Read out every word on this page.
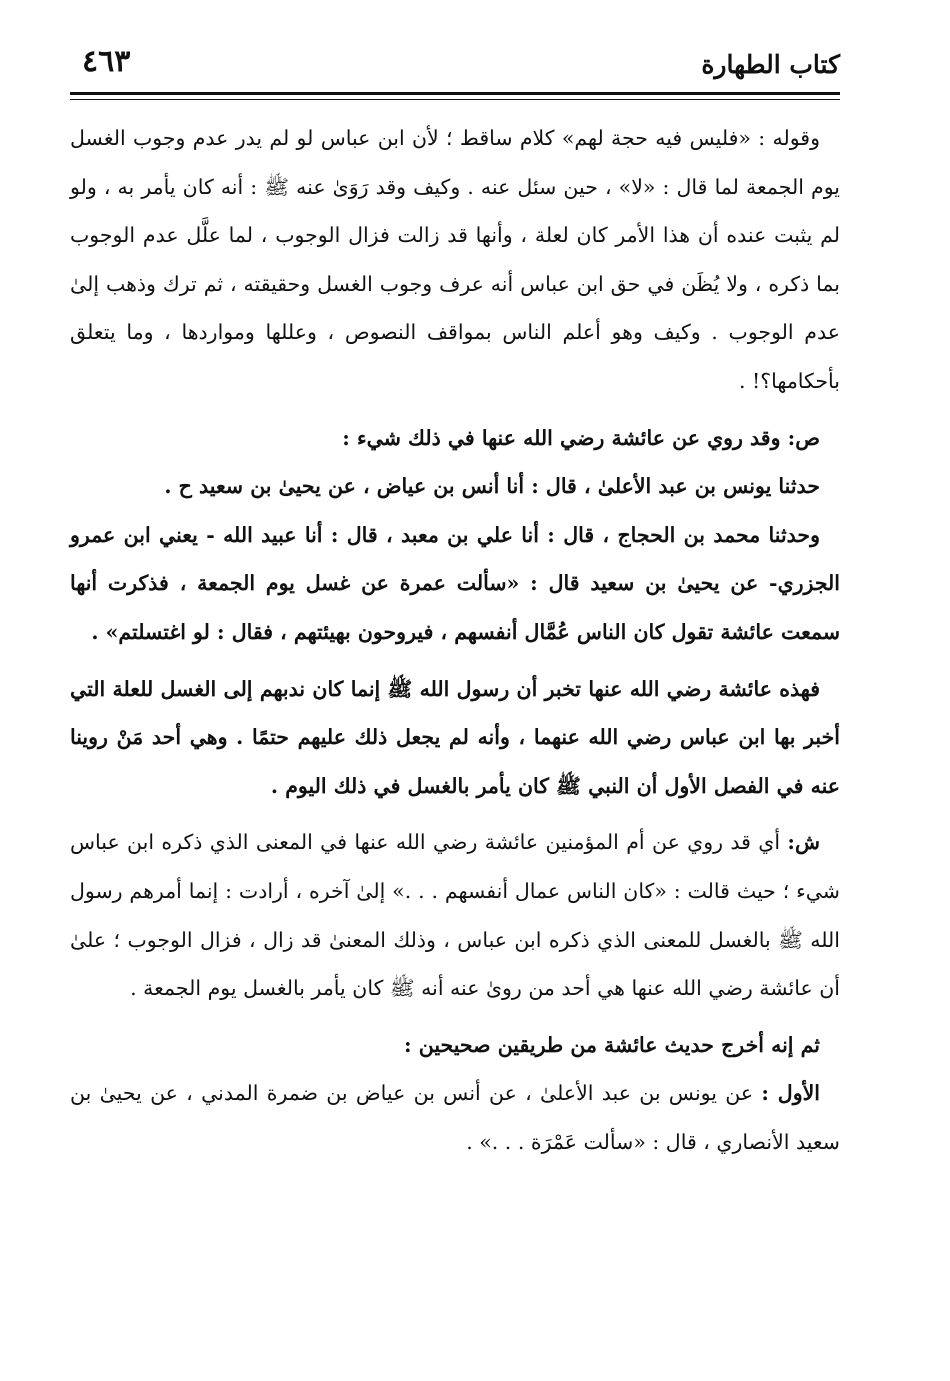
كتاب الطهارة
٤٦٣

وقوله : «فليس فيه حجة لهم» كلام ساقط ؛ لأن ابن عباس لو لم يدر عدم وجوب الغسل يوم الجمعة لما قال : «لا» ، حين سئل عنه . وكيف وقد رَوَىٰ عنه ﷺ : أنه كان يأمر به ، ولو لم يثبت عنده أن هذا الأمر كان لعلة ، وأنها قد زالت فزال الوجوب ، لما علَّل عدم الوجوب بما ذكره ، ولا يُظَن في حق ابن عباس أنه عرف وجوب الغسل وحقيقته ، ثم ترك وذهب إلىٰ عدم الوجوب . وكيف وهو أعلم الناس بمواقف النصوص ، وعللها ومواردها ، وما يتعلق بأحكامها؟! .

ص: وقد روي عن عائشة رضي الله عنها في ذلك شيء :

حدثنا يونس بن عبد الأعلىٰ ، قال : أنا أنس بن عياض ، عن يحيىٰ بن سعيد ح .

وحدثنا محمد بن الحجاج ، قال : أنا علي بن معبد ، قال : أنا عبيد الله - يعني ابن عمرو الجزري- عن يحيىٰ بن سعيد قال : «سألت عمرة عن غسل يوم الجمعة ، فذكرت أنها سمعت عائشة تقول كان الناس عُمَّال أنفسهم ، فيروحون بهيئتهم ، فقال : لو اغتسلتم» .

فهذه عائشة رضي الله عنها تخبر أن رسول الله ﷺ إنما كان ندبهم إلى الغسل للعلة التي أخبر بها ابن عباس رضي الله عنهما ، وأنه لم يجعل ذلك عليهم حتمًا . وهي أحد مَنْ روينا عنه في الفصل الأول أن النبي ﷺ كان يأمر بالغسل في ذلك اليوم .

ش: أي قد روي عن أم المؤمنين عائشة رضي الله عنها في المعنى الذي ذكره ابن عباس شيء ؛ حيث قالت : «كان الناس عمال أنفسهم . . .» إلىٰ آخره ، أرادت : إنما أمرهم رسول الله ﷺ بالغسل للمعنى الذي ذكره ابن عباس ، وذلك المعنىٰ قد زال ، فزال الوجوب ؛ علىٰ أن عائشة رضي الله عنها هي أحد من روىٰ عنه أنه ﷺ كان يأمر بالغسل يوم الجمعة .

ثم إنه أخرج حديث عائشة من طريقين صحيحين :

الأول : عن يونس بن عبد الأعلىٰ ، عن أنس بن عياض بن ضمرة المدني ، عن يحيىٰ بن سعيد الأنصاري ، قال : «سألت عَمْرَة . . .» .
